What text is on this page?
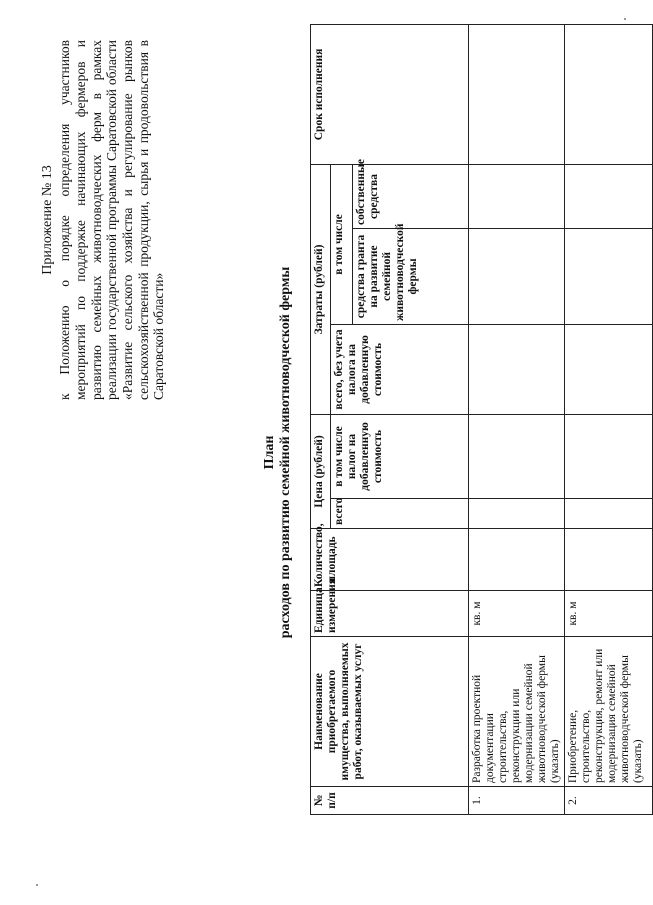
Приложение № 13 к Положению о порядке определения участников мероприятий по поддержке начинающих фермеров и развитию семейных животноводческих ферм в рамках реализации государственной программы Саратовской области «Развитие сельского хозяйства и регулирование рынков сельскохозяйственной продукции, сырья и продовольствия в Саратовской области»
План расходов по развитию семейной животноводческой фермы
№ п/п	Наименование приобретаемого имущества, выполняемых работ, оказываемых услуг	Единица измерения	Количество, площадь	Цена (рублей)		Затраты (рублей)			Срок исполнения
				всего	в том числе налог на добавленную стоимость	всего, без учета налога на добавленную стоимость	в том числе		
							средства гранта на развитие семейной животноводческой фермы	собственные средства	
1.	Разработка проектной документации строительства, реконструкции или модернизации семейной животноводческой фермы (указать)	кв. м							
2.	Приобретение, строительство, реконструкция, ремонт или модернизация семейной животноводческой фермы (указать)	кв. м							
